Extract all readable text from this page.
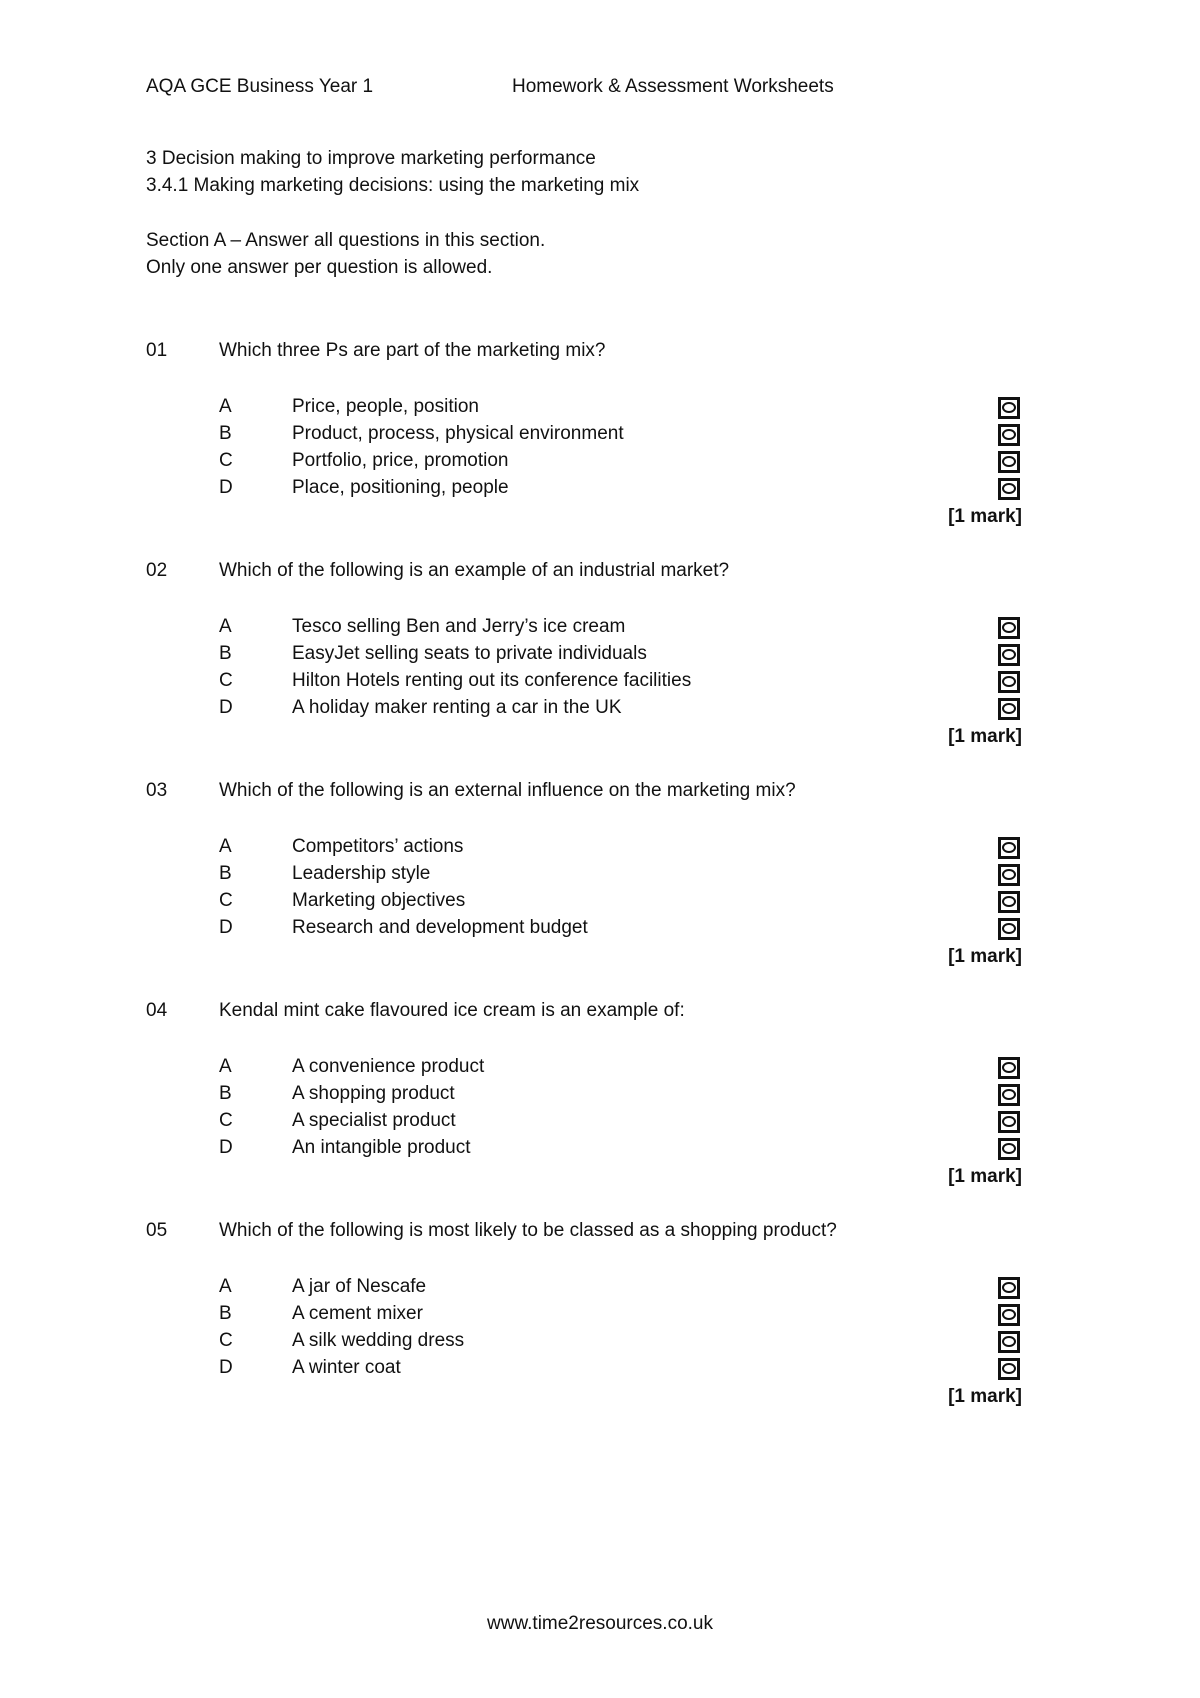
AQA GCE Business Year 1	Homework & Assessment Worksheets
3 Decision making to improve marketing performance
3.4.1 Making marketing decisions: using the marketing mix
Section A – Answer all questions in this section.
Only one answer per question is allowed.
01	Which three Ps are part of the marketing mix?
A	Price, people, position
B	Product, process, physical environment
C	Portfolio, price, promotion
D	Place, positioning, people
[1 mark]
02	Which of the following is an example of an industrial market?
A	Tesco selling Ben and Jerry’s ice cream
B	EasyJet selling seats to private individuals
C	Hilton Hotels renting out its conference facilities
D	A holiday maker renting a car in the UK
[1 mark]
03	Which of the following is an external influence on the marketing mix?
A	Competitors’ actions
B	Leadership style
C	Marketing objectives
D	Research and development budget
[1 mark]
04	Kendal mint cake flavoured ice cream is an example of:
A	A convenience product
B	A shopping product
C	A specialist product
D	An intangible product
[1 mark]
05	Which of the following is most likely to be classed as a shopping product?
A	A jar of Nescafe
B	A cement mixer
C	A silk wedding dress
D	A winter coat
[1 mark]
www.time2resources.co.uk
